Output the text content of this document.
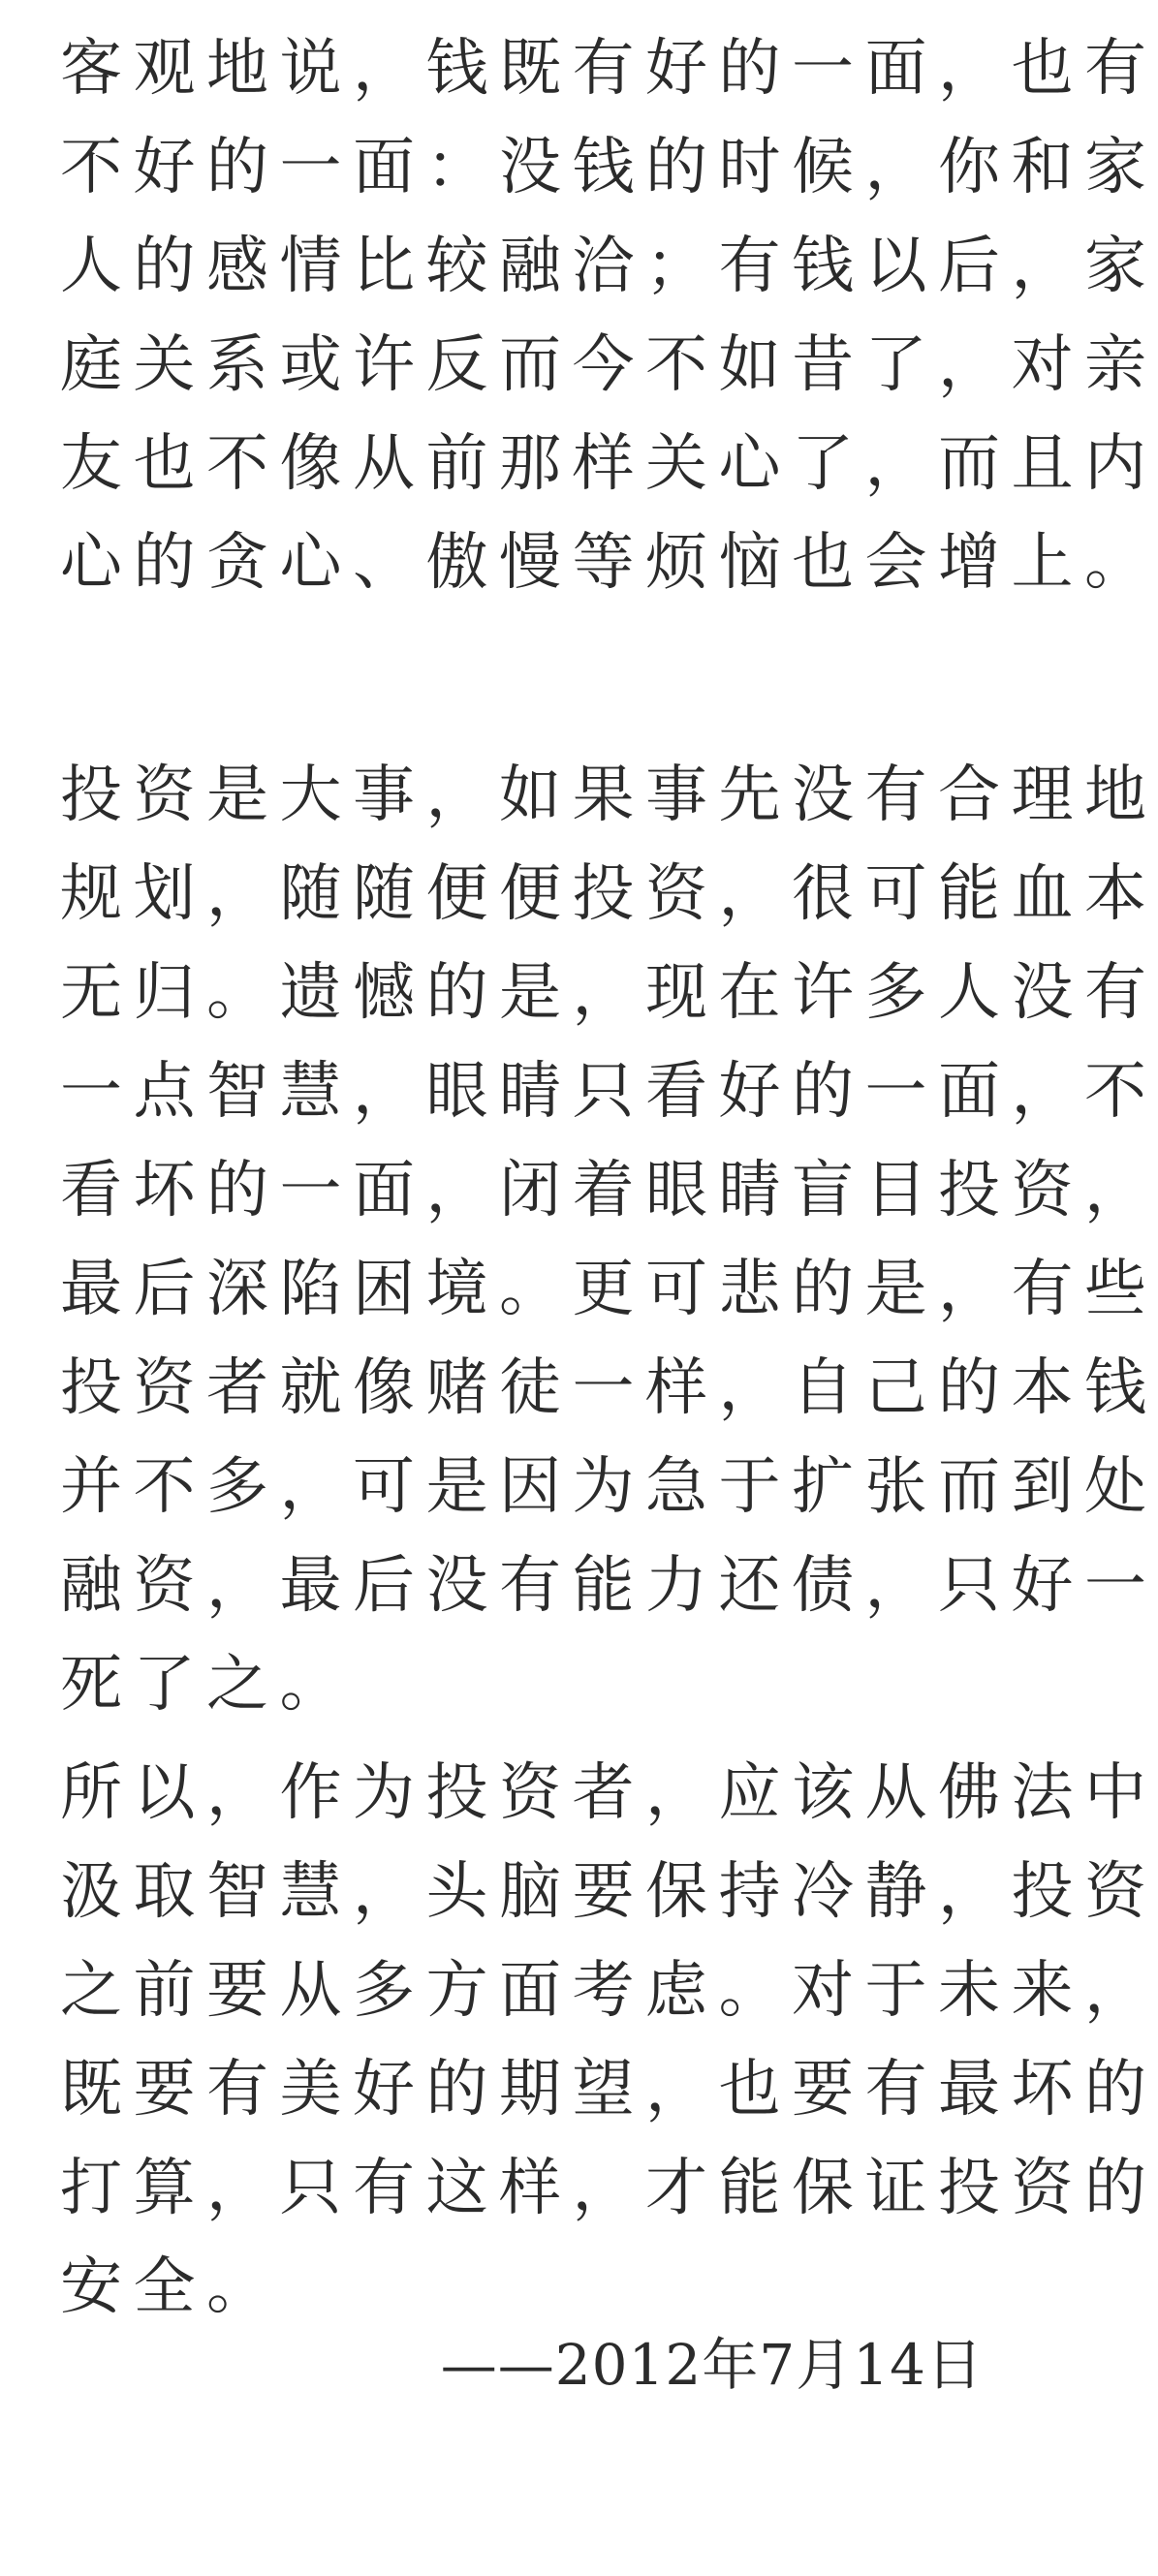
客观地说，钱既有好的一面，也有
不好的一面：没钱的时候，你和家
人的感情比较融洽；有钱以后，家
庭关系或许反而今不如昔了，对亲
友也不像从前那样关心了，而且内
心的贪心、傲慢等烦恼也会增上。
投资是大事，如果事先没有合理地
规划，随随便便投资，很可能血本
无归。遗憾的是，现在许多人没有
一点智慧，眼睛只看好的一面，不
看坏的一面，闭着眼睛盲目投资，
最后深陷困境。更可悲的是，有些
投资者就像赌徒一样，自己的本钱
并不多，可是因为急于扩张而到处
融资，最后没有能力还债，只好一
死了之。
所以，作为投资者，应该从佛法中
汲取智慧，头脑要保持冷静，投资
之前要从多方面考虑。对于未来，
既要有美好的期望，也要有最坏的
打算，只有这样，才能保证投资的
安全。
——2012年7月14日
